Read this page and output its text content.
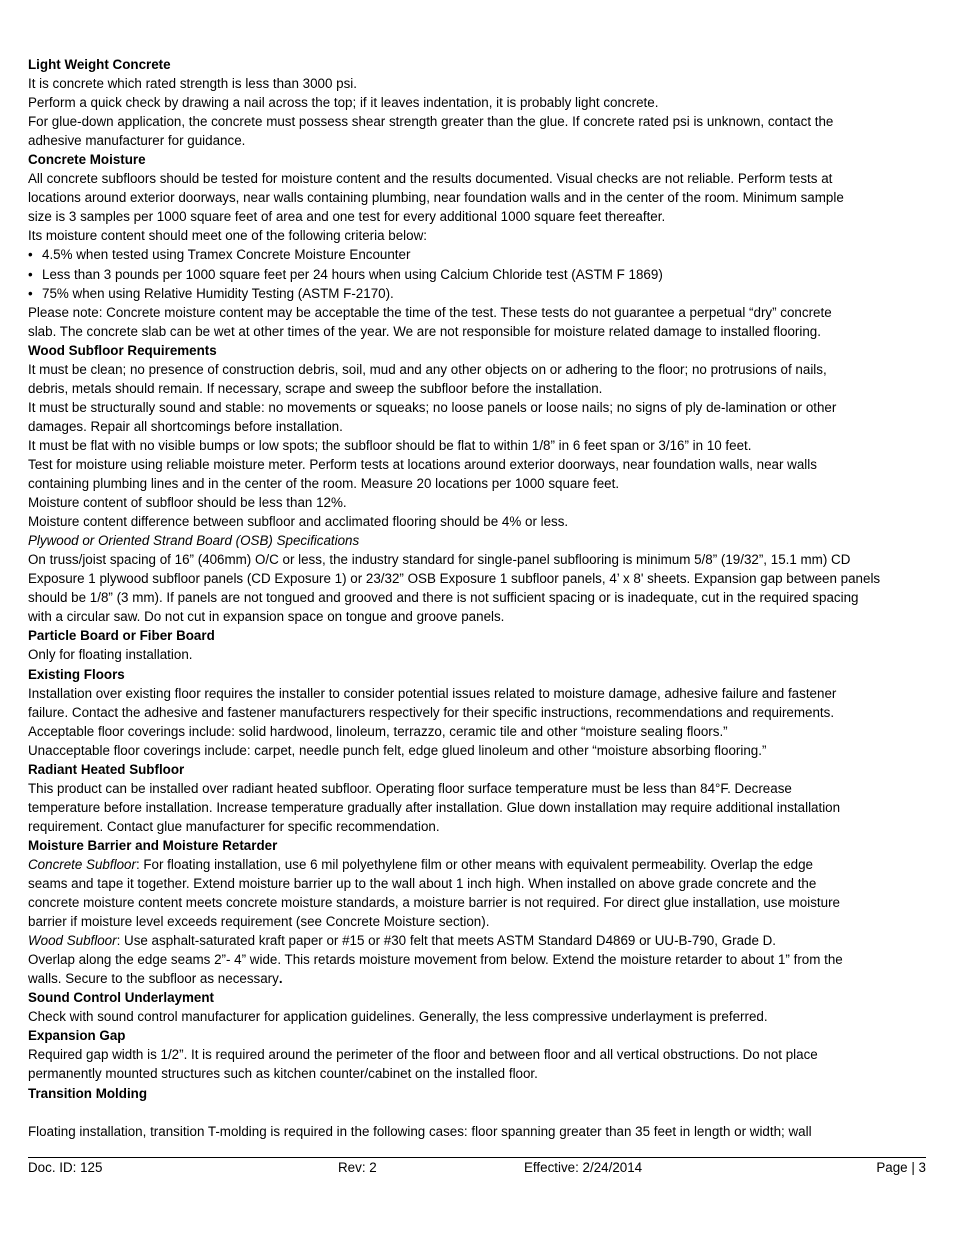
Light Weight Concrete
It is concrete which rated strength is less than 3000 psi.
Perform a quick check by drawing a nail across the top; if it leaves indentation, it is probably light concrete.
For glue-down application, the concrete must possess shear strength greater than the glue. If concrete rated psi is unknown, contact the
adhesive manufacturer for guidance.
Concrete Moisture
All concrete subfloors should be tested for moisture content and the results documented. Visual checks are not reliable. Perform tests at
locations around exterior doorways, near walls containing plumbing, near foundation walls and in the center of the room. Minimum sample
size is 3 samples per 1000 square feet of area and one test for every additional 1000 square feet thereafter.
Its moisture content should meet one of the following criteria below:
• 4.5% when tested using Tramex Concrete Moisture Encounter
• Less than 3 pounds per 1000 square feet per 24 hours when using Calcium Chloride test (ASTM F 1869)
• 75% when using Relative Humidity Testing (ASTM F-2170).
Please note: Concrete moisture content may be acceptable the time of the test. These tests do not guarantee a perpetual “dry” concrete
slab. The concrete slab can be wet at other times of the year. We are not responsible for moisture related damage to installed flooring.
Wood Subfloor Requirements
It must be clean; no presence of construction debris, soil, mud and any other objects on or adhering to the floor; no protrusions of nails,
debris, metals should remain. If necessary, scrape and sweep the subfloor before the installation.
It must be structurally sound and stable: no movements or squeaks; no loose panels or loose nails; no signs of ply de-lamination or other
damages. Repair all shortcomings before installation.
It must be flat with no visible bumps or low spots; the subfloor should be flat to within 1/8” in 6 feet span or 3/16” in 10 feet.
Test for moisture using reliable moisture meter. Perform tests at locations around exterior doorways, near foundation walls, near walls
containing plumbing lines and in the center of the room. Measure 20 locations per 1000 square feet.
Moisture content of subfloor should be less than 12%.
Moisture content difference between subfloor and acclimated flooring should be 4% or less.
Plywood or Oriented Strand Board (OSB) Specifications
On truss/joist spacing of 16” (406mm) O/C or less, the industry standard for single-panel subflooring is minimum 5/8” (19/32”, 15.1 mm) CD
Exposure 1 plywood subfloor panels (CD Exposure 1) or 23/32” OSB Exposure 1 subfloor panels, 4’ x 8' sheets. Expansion gap between panels
should be 1/8” (3 mm). If panels are not tongued and grooved and there is not sufficient spacing or is inadequate, cut in the required spacing
with a circular saw. Do not cut in expansion space on tongue and groove panels.
Particle Board or Fiber Board
Only for floating installation.
Existing Floors
Installation over existing floor requires the installer to consider potential issues related to moisture damage, adhesive failure and fastener
failure. Contact the adhesive and fastener manufacturers respectively for their specific instructions, recommendations and requirements.
Acceptable floor coverings include: solid hardwood, linoleum, terrazzo, ceramic tile and other “moisture sealing floors.”
Unacceptable floor coverings include: carpet, needle punch felt, edge glued linoleum and other “moisture absorbing flooring.”
Radiant Heated Subfloor
This product can be installed over radiant heated subfloor. Operating floor surface temperature must be less than 84°F. Decrease
temperature before installation. Increase temperature gradually after installation. Glue down installation may require additional installation
requirement. Contact glue manufacturer for specific recommendation.
Moisture Barrier and Moisture Retarder
Concrete Subfloor: For floating installation, use 6 mil polyethylene film or other means with equivalent permeability. Overlap the edge
seams and tape it together. Extend moisture barrier up to the wall about 1 inch high. When installed on above grade concrete and the
concrete moisture content meets concrete moisture standards, a moisture barrier is not required. For direct glue installation, use moisture
barrier if moisture level exceeds requirement (see Concrete Moisture section).
Wood Subfloor: Use asphalt-saturated kraft paper or #15 or #30 felt that meets ASTM Standard D4869 or UU-B-790, Grade D.
Overlap along the edge seams 2”- 4” wide. This retards moisture movement from below. Extend the moisture retarder to about 1” from the
walls. Secure to the subfloor as necessary.
Sound Control Underlayment
Check with sound control manufacturer for application guidelines. Generally, the less compressive underlayment is preferred.
Expansion Gap
Required gap width is 1/2”. It is required around the perimeter of the floor and between floor and all vertical obstructions. Do not place
permanently mounted structures such as kitchen counter/cabinet on the installed floor.
Transition Molding
Floating installation, transition T-molding is required in the following cases: floor spanning greater than 35 feet in length or width; wall
Doc. ID: 125	Rev: 2	Effective: 2/24/2014	Page | 3
